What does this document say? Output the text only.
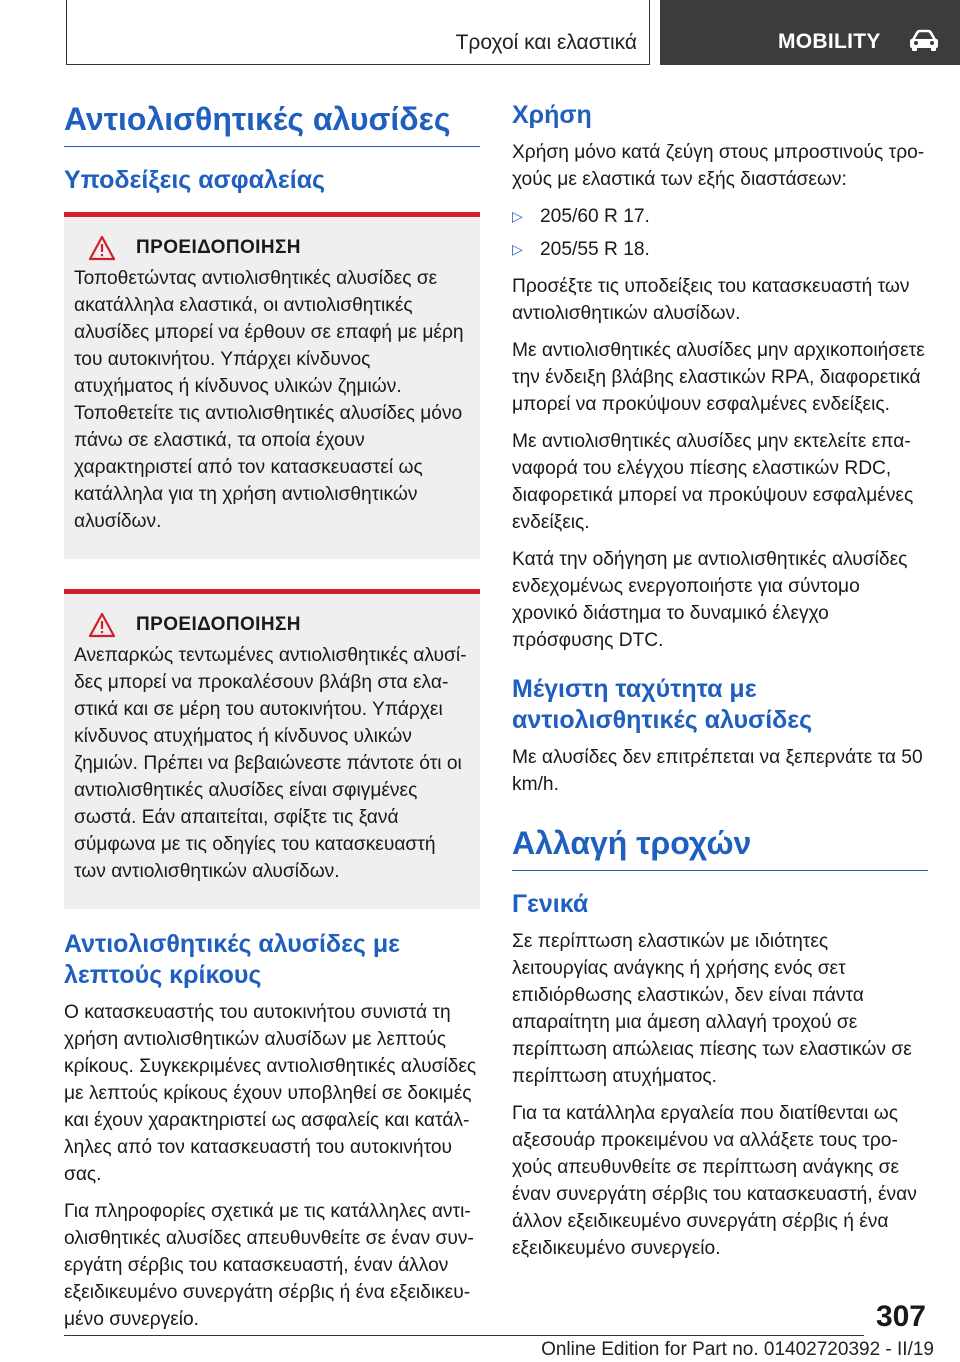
Τροχοί και ελαστικά	MOBILITY
Αντιολισθητικές αλυσίδες
Υποδείξεις ασφαλείας
ΠΡΟΕΙΔΟΠΟΙΗΣΗ

Τοποθετώντας αντιολισθητικές αλυσίδες σε ακατάλληλα ελαστικά, οι αντιολισθητικές αλυσίδες μπορεί να έρθουν σε επαφή με μέρη του αυτοκινήτου. Υπάρχει κίνδυνος ατυχήματος ή κίνδυνος υλικών ζημιών. Τοποθετείτε τις αντιολισθητικές αλυσίδες μόνο πάνω σε ελαστικά, τα οποία έχουν χαρακτηριστεί από τον κατασκευαστεί ως κατάλληλα για τη χρήση αντιολισθητικών αλυσίδων.

ΠΡΟΕΙΔΟΠΟΙΗΣΗ

Ανεπαρκώς τεντωμένες αντιολισθητικές αλυσίδες μπορεί να προκαλέσουν βλάβη στα ελαστικά και σε μέρη του αυτοκινήτου. Υπάρχει κίνδυνος ατυχήματος ή κίνδυνος υλικών ζημιών. Πρέπει να βεβαιώνεστε πάντοτε ότι οι αντιολισθητικές αλυσίδες είναι σφιγμένες σωστά. Εάν απαιτείται, σφίξτε τις ξανά σύμφωνα με τις οδηγίες του κατασκευαστή των αντιολισθητικών αλυσίδων.

Αντιολισθητικές αλυσίδες με λεπτούς κρίκους

Ο κατασκευαστής του αυτοκινήτου συνιστά τη χρήση αντιολισθητικών αλυσίδων με λεπτούς κρίκους. Συγκεκριμένες αντιολισθητικές αλυσίδες με λεπτούς κρίκους έχουν υποβληθεί σε δοκιμές και έχουν χαρακτηριστεί ως ασφαλείς και κατάλληλες από τον κατασκευαστή του αυτοκινήτου σας.

Για πληροφορίες σχετικά με τις κατάλληλες αντιολισθητικές αλυσίδες απευθυνθείτε σε έναν συνεργάτη σέρβις του κατασκευαστή, έναν άλλον εξειδικευμένο συνεργάτη σέρβις ή ένα εξειδικευμένο συνεργείο.

Χρήση

Χρήση μόνο κατά ζεύγη στους μπροστινούς τροχούς με ελαστικά των εξής διαστάσεων:

▷ 205/60 R 17.
▷ 205/55 R 18.

Προσέξτε τις υποδείξεις του κατασκευαστή των αντιολισθητικών αλυσίδων.

Με αντιολισθητικές αλυσίδες μην αρχικοποιήσετε την ένδειξη βλάβης ελαστικών RPA, διαφορετικά μπορεί να προκύψουν εσφαλμένες ενδείξεις.

Με αντιολισθητικές αλυσίδες μην εκτελείτε επαναφορά του ελέγχου πίεσης ελαστικών RDC, διαφορετικά μπορεί να προκύψουν εσφαλμένες ενδείξεις.

Κατά την οδήγηση με αντιολισθητικές αλυσίδες ενδεχομένως ενεργοποιήστε για σύντομο χρονικό διάστημα το δυναμικό έλεγχο πρόσφυσης DTC.

Μέγιστη ταχύτητα με αντιολισθητικές αλυσίδες

Με αλυσίδες δεν επιτρέπεται να ξεπερνάτε τα 50 km/h.

Αλλαγή τροχών
Γενικά

Σε περίπτωση ελαστικών με ιδιότητες λειτουργίας ανάγκης ή χρήσης ενός σετ επιδιόρθωσης ελαστικών, δεν είναι πάντα απαραίτητη μια άμεση αλλαγή τροχού σε περίπτωση απώλειας πίεσης των ελαστικών σε περίπτωση ατυχήματος.

Για τα κατάλληλα εργαλεία που διατίθενται ως αξεσουάρ προκειμένου να αλλάξετε τους τροχούς απευθυνθείτε σε περίπτωση ανάγκης σε έναν συνεργάτη σέρβις του κατασκευαστή, έναν άλλον εξειδικευμένο συνεργάτη σέρβις ή ένα εξειδικευμένο συνεργείο.

307
Online Edition for Part no. 01402720392 - II/19
